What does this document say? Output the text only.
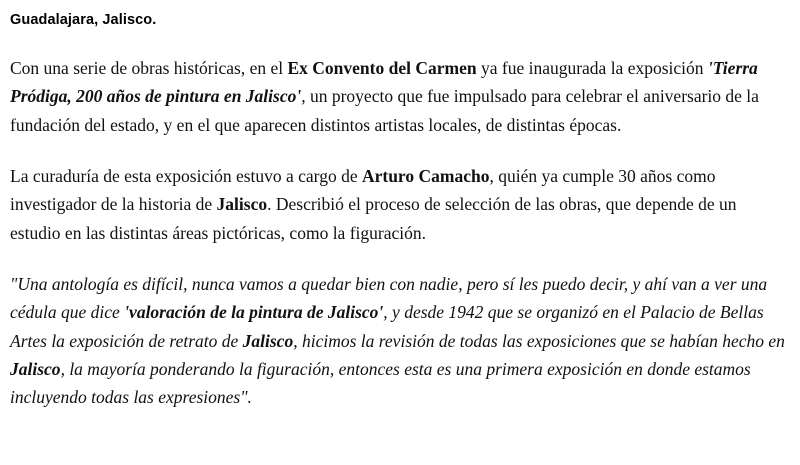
Guadalajara, Jalisco.

Con una serie de obras históricas, en el Ex Convento del Carmen ya fue inaugurada la exposición 'Tierra Pródiga, 200 años de pintura en Jalisco', un proyecto que fue impulsado para celebrar el aniversario de la fundación del estado, y en el que aparecen distintos artistas locales, de distintas épocas.

La curaduría de esta exposición estuvo a cargo de Arturo Camacho, quién ya cumple 30 años como investigador de la historia de Jalisco. Describió el proceso de selección de las obras, que depende de un estudio en las distintas áreas pictóricas, como la figuración.

"Una antología es difícil, nunca vamos a quedar bien con nadie, pero sí les puedo decir, y ahí van a ver una cédula que dice 'valoración de la pintura de Jalisco', y desde 1942 que se organizó en el Palacio de Bellas Artes la exposición de retrato de Jalisco, hicimos la revisión de todas las exposiciones que se habían hecho en Jalisco, la mayoría ponderando la figuración, entonces esta es una primera exposición en donde estamos incluyendo todas las expresiones".
